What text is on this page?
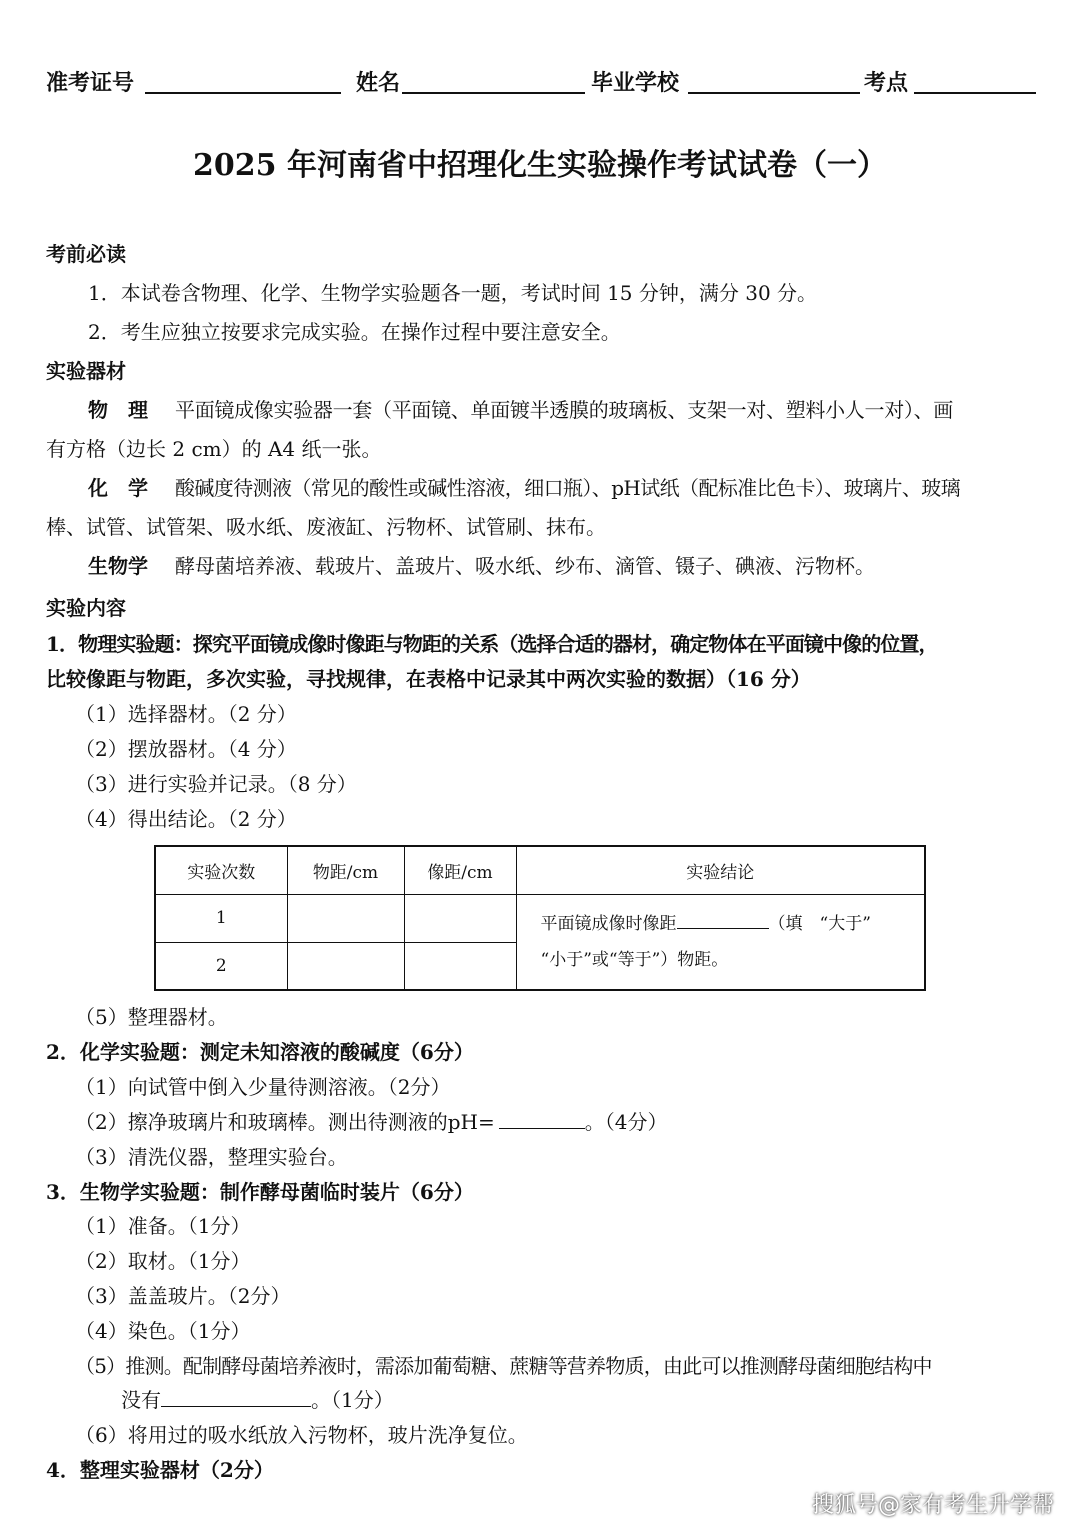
准考证号	姓名	毕业学校	考点
2025 年河南省中招理化生实验操作考试试卷（一）
考前必读
1．本试卷含物理、化学、生物学实验题各一题，考试时间 15 分钟，满分 30 分。
2．考生应独立按要求完成实验。在操作过程中要注意安全。
实验器材
物　理 平面镜成像实验器一套（平面镜、单面镀半透膜的玻璃板、支架一对、塑料小人一对）、画
有方格（边长 2 cm）的 A4 纸一张。
化　学 酸碱度待测液（常见的酸性或碱性溶液，细口瓶）、pH试纸（配标准比色卡）、玻璃片、玻璃
棒、试管、试管架、吸水纸、废液缸、污物杯、试管刷、抹布。
生物学 酵母菌培养液、载玻片、盖玻片、吸水纸、纱布、滴管、镊子、碘液、污物杯。
实验内容
1．物理实验题：探究平面镜成像时像距与物距的关系（选择合适的器材，确定物体在平面镜中像的位置，
比较像距与物距，多次实验，寻找规律，在表格中记录其中两次实验的数据）（16 分）
（1）选择器材。（2 分）
（2）摆放器材。（4 分）
（3）进行实验并记录。（8 分）
（4）得出结论。（2 分）
实验次数	物距/cm	像距/cm	实验结论
1			平面镜成像时像距 （填　“大于”
“小于”或“等于”）物距。
2			
（5）整理器材。
2．化学实验题：测定未知溶液的酸碱度（6分）
（1）向试管中倒入少量待测溶液。（2分）
（2）擦净玻璃片和玻璃棒。测出待测液的pH=	。（4分）
（3）清洗仪器，整理实验台。
3．生物学实验题：制作酵母菌临时装片（6分）
（1）准备。（1分）
（2）取材。（1分）
（3）盖盖玻片。（2分）
（4）染色。（1分）
（5）推测。配制酵母菌培养液时，需添加葡萄糖、蔗糖等营养物质，由此可以推测酵母菌细胞结构中
没有	。（1分）
（6）将用过的吸水纸放入污物杯，玻片洗净复位。
4．整理实验器材（2分）
搜狐号@家有考生升学帮
